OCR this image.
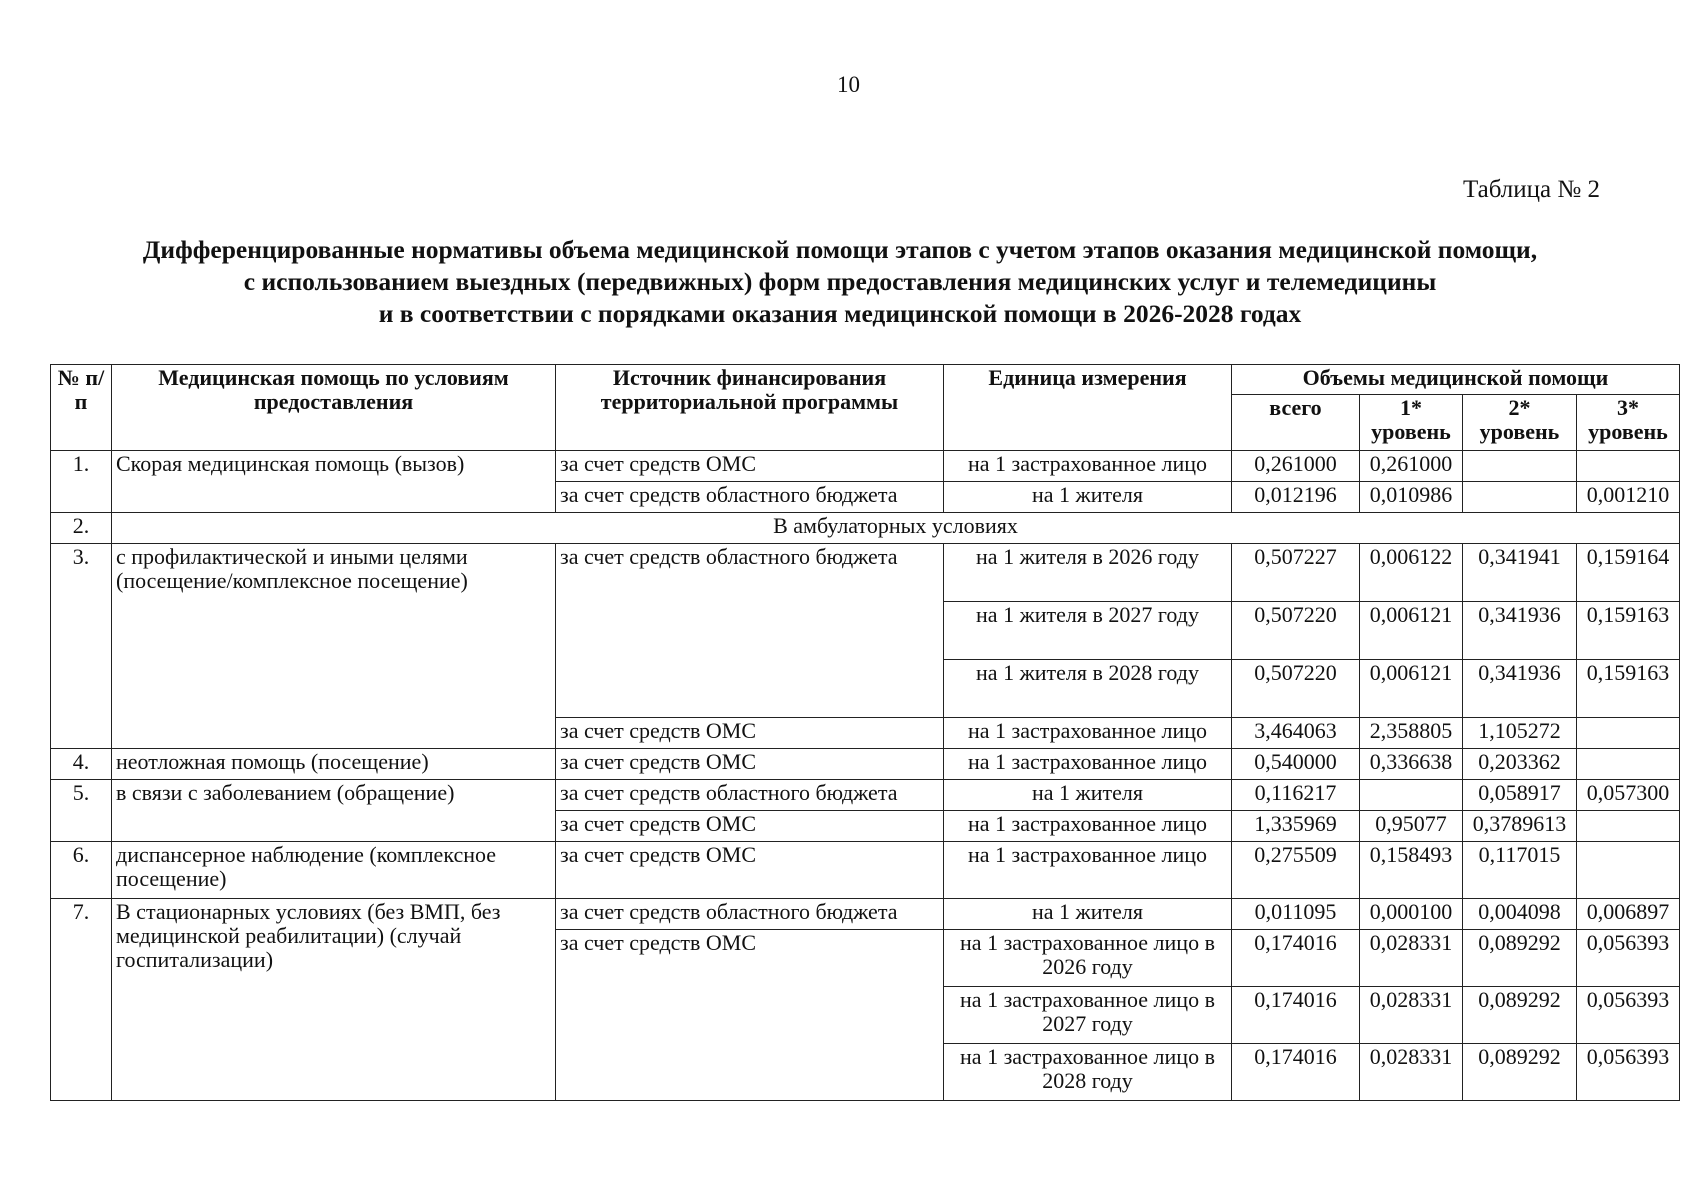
10
Таблица № 2
Дифференцированные нормативы объема медицинской помощи этапов с учетом этапов оказания медицинской помощи,
с использованием выездных (передвижных) форм предоставления медицинских услуг и телемедицины
и в соответствии с порядками оказания медицинской помощи в 2026-2028 годах
№ п/п	Медицинская помощь по условиям предоставления	Источник финансирования территориальной программы	Единица измерения	Объемы медицинской помощи			
				всего	1* уровень	2* уровень	3* уровень
1.	Скорая медицинская помощь (вызов)	за счет средств ОМС	на 1 застрахованное лицо	0,261000	0,261000		
		за счет средств областного бюджета	на 1 жителя	0,012196	0,010986		0,001210
2.	В амбулаторных условиях						
3.	с профилактической и иными целями (посещение/комплексное посещение)	за счет средств областного бюджета	на 1 жителя в 2026 году	0,507227	0,006122	0,341941	0,159164
			на 1 жителя в 2027 году	0,507220	0,006121	0,341936	0,159163
			на 1 жителя в 2028 году	0,507220	0,006121	0,341936	0,159163
		за счет средств ОМС	на 1 застрахованное лицо	3,464063	2,358805	1,105272	
4.	неотложная помощь (посещение)	за счет средств ОМС	на 1 застрахованное лицо	0,540000	0,336638	0,203362	
5.	в связи с заболеванием (обращение)	за счет средств областного бюджета	на 1 жителя	0,116217		0,058917	0,057300
		за счет средств ОМС	на 1 застрахованное лицо	1,335969	0,95077	0,3789613	
6.	диспансерное наблюдение (комплексное посещение)	за счет средств ОМС	на 1 застрахованное лицо	0,275509	0,158493	0,117015	
7.	В стационарных условиях (без ВМП, без медицинской реабилитации) (случай госпитализации)	за счет средств областного бюджета	на 1 жителя	0,011095	0,000100	0,004098	0,006897
		за счет средств ОМС	на 1 застрахованное лицо в 2026 году	0,174016	0,028331	0,089292	0,056393
			на 1 застрахованное лицо в 2027 году	0,174016	0,028331	0,089292	0,056393
			на 1 застрахованное лицо в 2028 году	0,174016	0,028331	0,089292	0,056393
